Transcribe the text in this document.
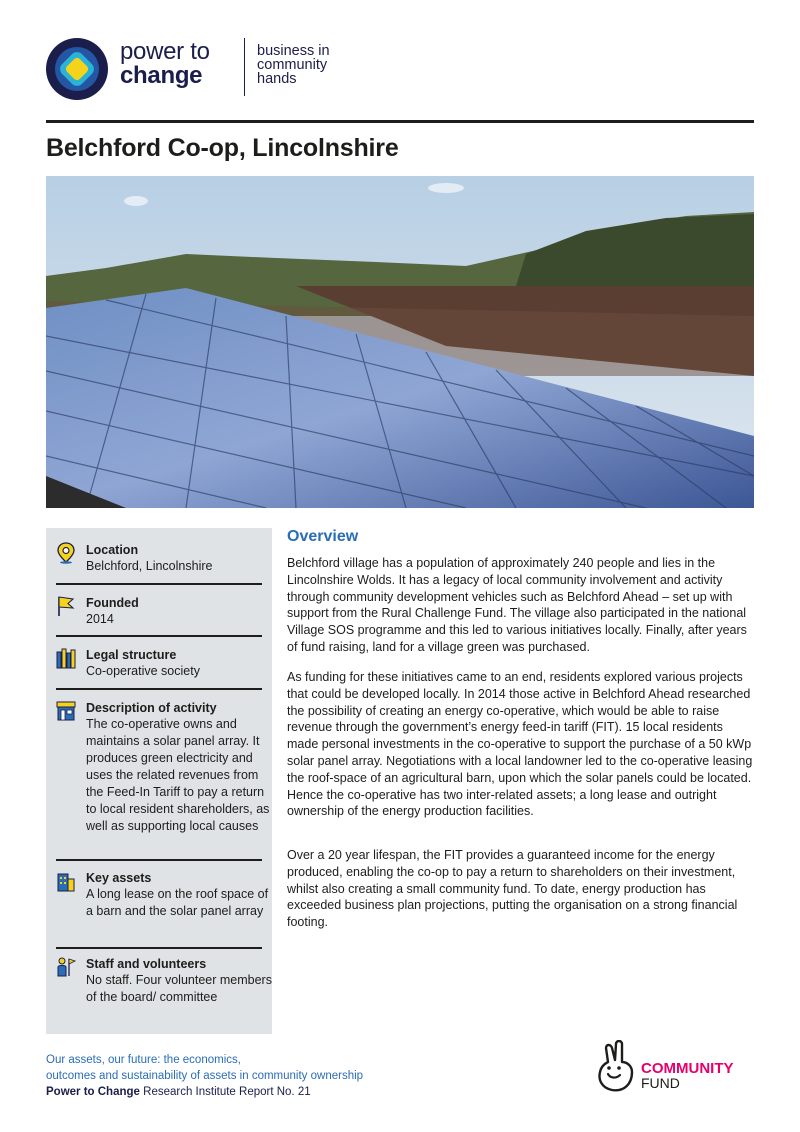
power to
change
business in
community
hands
Belchford Co-op, Lincolnshire
Location

Belchford, Lincolnshire

Founded

2014

Legal structure

Co-operative society

Description of activity

The co-operative owns and maintains a solar panel array. It produces green electricity and uses the related revenues from the Feed-In Tariff to pay a return to local resident shareholders, as well as supporting local causes

Key assets

A long lease on the roof space of a barn and the solar panel array

Staff and volunteers

No staff. Four volunteer members of the board/ committee

Overview

Belchford village has a population of approximately 240 people and lies in the Lincolnshire Wolds. It has a legacy of local community involvement and activity through community development vehicles such as Belchford Ahead – set up with support from the Rural Challenge Fund. The village also participated in the national Village SOS programme and this led to various initiatives locally. Finally, after years of fund raising, land for a village green was purchased.

As funding for these initiatives came to an end, residents explored various projects that could be developed locally. In 2014 those active in Belchford Ahead researched the possibility of creating an energy co-operative, which would be able to raise revenue through the government’s energy feed-in tariff (FIT). 15 local residents made personal investments in the co-operative to support the purchase of a 50 kWp solar panel array. Negotiations with a local landowner led to the co-operative leasing the roof-space of an agricultural barn, upon which the solar panels could be located. Hence the co-operative has two inter-related assets; a long lease and outright ownership of the energy production facilities.

Over a 20 year lifespan, the FIT provides a guaranteed income for the energy produced, enabling the co-op to pay a return to shareholders on their investment, whilst also creating a small community fund. To date, energy production has exceeded business plan projections, putting the organisation on a strong financial footing.

Our assets, our future: the economics,
outcomes and sustainability of assets in community ownership
Power to Change Research Institute Report No. 21
COMMUNITY
FUND
